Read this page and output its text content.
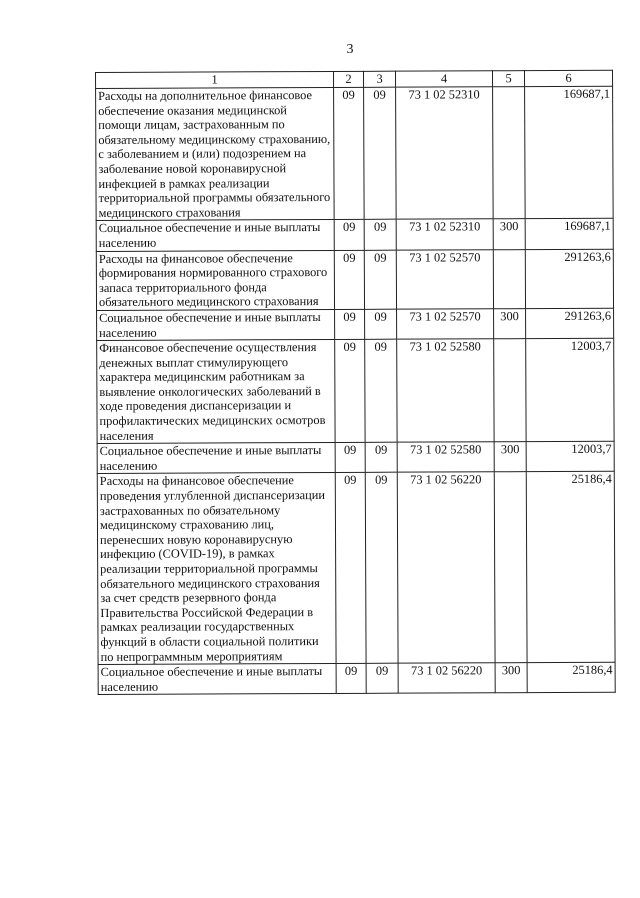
3
1	2	3	4	5	6
Расходы на дополнительное финансовое обеспечение оказания медицинской помощи лицам, застрахованным по обязательному медицинскому страхованию, с заболеванием и (или) подозрением на заболевание новой коронавирусной инфекцией в рамках реализации территориальной программы обязательного медицинского страхования	09	09	73 1 02 52310		169687,1
Социальное обеспечение и иные выплаты населению	09	09	73 1 02 52310	300	169687,1
Расходы на финансовое обеспечение формирования нормированного страхового запаса территориального фонда обязательного медицинского страхования	09	09	73 1 02 52570		291263,6
Социальное обеспечение и иные выплаты населению	09	09	73 1 02 52570	300	291263,6
Финансовое обеспечение осуществления денежных выплат стимулирующего характера медицинским работникам за выявление онкологических заболеваний в ходе проведения диспансеризации и профилактических медицинских осмотров населения	09	09	73 1 02 52580		12003,7
Социальное обеспечение и иные выплаты населению	09	09	73 1 02 52580	300	12003,7
Расходы на финансовое обеспечение проведения углубленной диспансеризации застрахованных по обязательному медицинскому страхованию лиц, перенесших новую коронавирусную инфекцию (COVID-19), в рамках реализации территориальной программы обязательного медицинского страхования за счет средств резервного фонда Правительства Российской Федерации в рамках реализации государственных функций в области социальной политики по непрограммным мероприятиям	09	09	73 1 02 56220		25186,4
Социальное обеспечение и иные выплаты населению	09	09	73 1 02 56220	300	25186,4
